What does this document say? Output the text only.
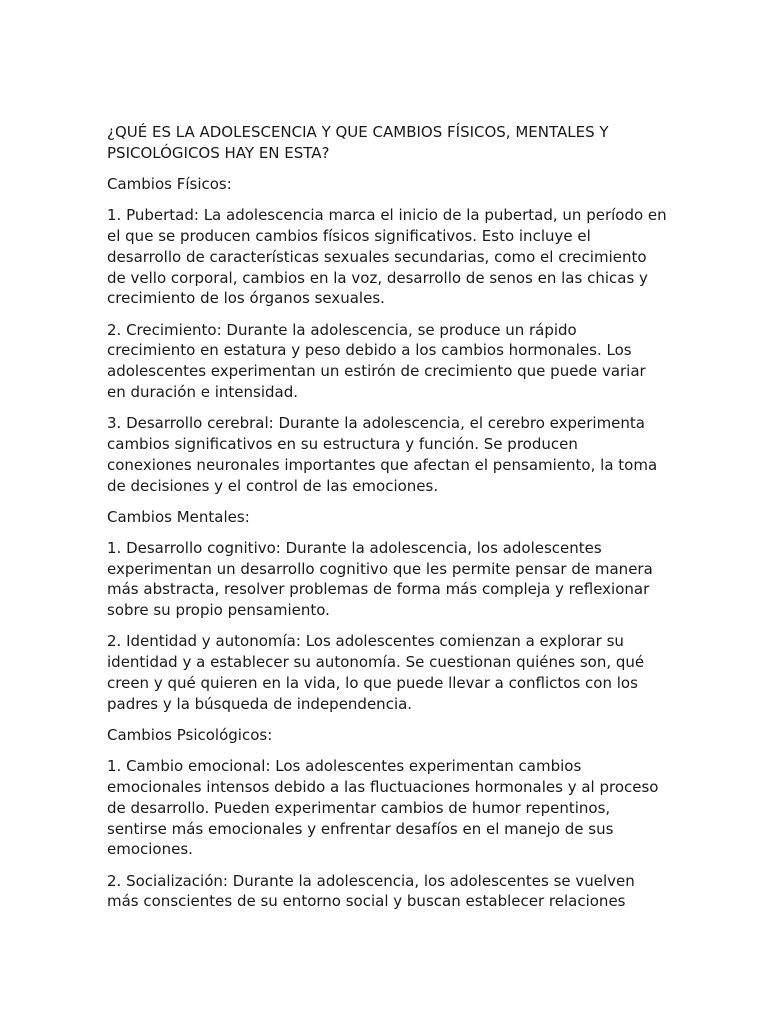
¿QUÉ ES LA ADOLESCENCIA Y QUE CAMBIOS FÍSICOS, MENTALES Y PSICOLÓGICOS HAY EN ESTA?

Cambios Físicos:

1. Pubertad: La adolescencia marca el inicio de la pubertad, un período en el que se producen cambios físicos significativos. Esto incluye el desarrollo de características sexuales secundarias, como el crecimiento de vello corporal, cambios en la voz, desarrollo de senos en las chicas y crecimiento de los órganos sexuales.

2. Crecimiento: Durante la adolescencia, se produce un rápido crecimiento en estatura y peso debido a los cambios hormonales. Los adolescentes experimentan un estirón de crecimiento que puede variar en duración e intensidad.

3. Desarrollo cerebral: Durante la adolescencia, el cerebro experimenta cambios significativos en su estructura y función. Se producen conexiones neuronales importantes que afectan el pensamiento, la toma de decisiones y el control de las emociones.

Cambios Mentales:

1. Desarrollo cognitivo: Durante la adolescencia, los adolescentes experimentan un desarrollo cognitivo que les permite pensar de manera más abstracta, resolver problemas de forma más compleja y reflexionar sobre su propio pensamiento.

2. Identidad y autonomía: Los adolescentes comienzan a explorar su identidad y a establecer su autonomía. Se cuestionan quiénes son, qué creen y qué quieren en la vida, lo que puede llevar a conflictos con los padres y la búsqueda de independencia.

Cambios Psicológicos:

1. Cambio emocional: Los adolescentes experimentan cambios emocionales intensos debido a las fluctuaciones hormonales y al proceso de desarrollo. Pueden experimentar cambios de humor repentinos, sentirse más emocionales y enfrentar desafíos en el manejo de sus emociones.

2. Socialización: Durante la adolescencia, los adolescentes se vuelven más conscientes de su entorno social y buscan establecer relaciones
